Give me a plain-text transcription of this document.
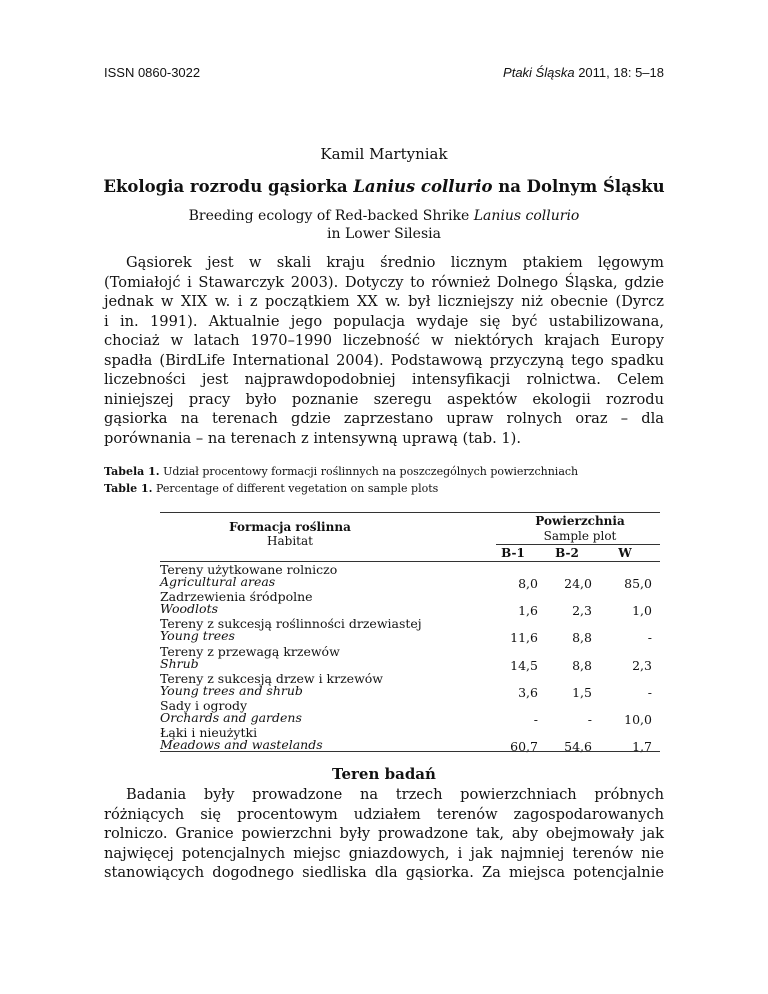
ISSN 0860-3022	Ptaki Śląska 2011, 18: 5–18
Kamil Martyniak
Ekologia rozrodu gąsiorka Lanius collurio na Dolnym Śląsku
Breeding ecology of Red-backed Shrike Lanius collurio
in Lower Silesia
Gąsiorek jest w skali kraju średnio licznym ptakiem lęgowym
(Tomiałojć i Stawarczyk 2003). Dotyczy to również Dolnego Śląska, gdzie
jednak w XIX w. i z początkiem XX w. był liczniejszy niż obecnie (Dyrcz
i in. 1991). Aktualnie jego populacja wydaje się być ustabilizowana,
chociaż w latach 1970–1990 liczebność w niektórych krajach Europy
spadła (BirdLife International 2004). Podstawową przyczyną tego spadku
liczebności jest najprawdopodobniej intensyfikacji rolnictwa. Celem
niniejszej pracy było poznanie szeregu aspektów ekologii rozrodu
gąsiorka na terenach gdzie zaprzestano upraw rolnych oraz – dla
porównania – na terenach z intensywną uprawą (tab. 1).
Tabela 1. Udział procentowy formacji roślinnych na poszczególnych powierzchniach
Table 1. Percentage of different vegetation on sample plots
Formacja roślinna
Habitat
Powierzchnia
Sample plot
B-1	B-2	W
Tereny użytkowane rolniczo
Agricultural areas	8,0	24,0	85,0
Zadrzewienia śródpolne
Woodlots	1,6	2,3	1,0
Tereny z sukcesją roślinności drzewiastej
Young trees	11,6	8,8	-
Tereny z przewagą krzewów
Shrub	14,5	8,8	2,3
Tereny z sukcesją drzew i krzewów
Young trees and shrub	3,6	1,5	-
Sady i ogrody
Orchards and gardens	-	-	10,0
Łąki i nieużytki
Meadows and wastelands	60,7	54,6	1,7
Teren badań
Badania były prowadzone na trzech powierzchniach próbnych
różniących się procentowym udziałem terenów zagospodarowanych
rolniczo. Granice powierzchni były prowadzone tak, aby obejmowały jak
najwięcej potencjalnych miejsc gniazdowych, i jak najmniej terenów nie
stanowiących dogodnego siedliska dla gąsiorka. Za miejsca potencjalnie
